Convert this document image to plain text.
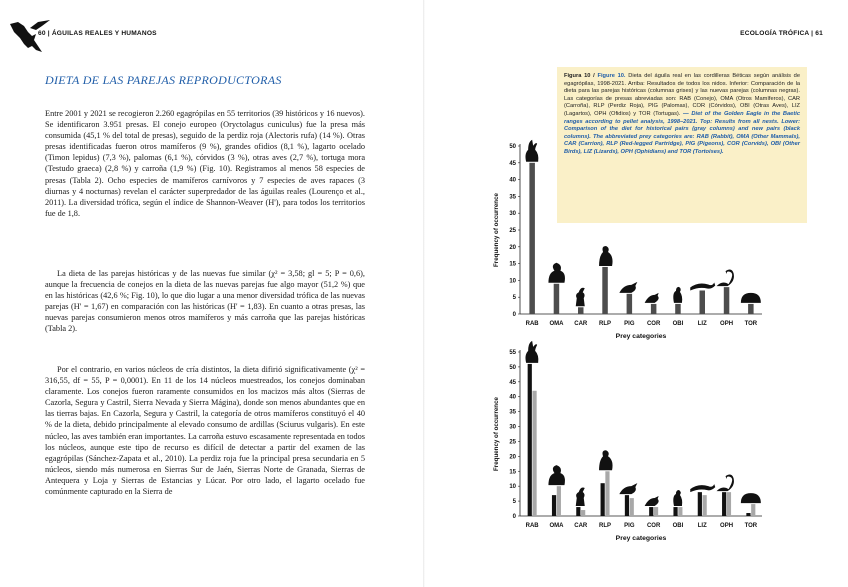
60 | ÁGUILAS REALES Y HUMANOS
DIETA DE LAS PAREJAS REPRODUCTORAS

Entre 2001 y 2021 se recogieron 2.260 egagrópilas en 55 territorios (39 históricos y 16 nuevos). Se identificaron 3.951 presas. El conejo europeo (Oryctolagus cuniculus) fue la presa más consumida (45,1 % del total de presas), seguido de la perdiz roja (Alectoris rufa) (14 %). Otras presas identificadas fueron otros mamíferos (9 %), grandes ofidios (8,1 %), lagarto ocelado (Timon lepidus) (7,3 %), palomas (6,1 %), córvidos (3 %), otras aves (2,7 %), tortuga mora (Testudo graeca) (2,8 %) y carroña (1,9 %) (Fig. 10). Registramos al menos 58 especies de presas (Tabla 2). Ocho especies de mamíferos carnívoros y 7 especies de aves rapaces (3 diurnas y 4 nocturnas) revelan el carácter superpredador de las águilas reales (Lourenço et al., 2011). La diversidad trófica, según el índice de Shannon-Weaver (H'), para todos los territorios fue de 1,8.

La dieta de las parejas históricas y de las nuevas fue similar (χ² = 3,58; gl = 5; P = 0,6), aunque la frecuencia de conejos en la dieta de las nuevas parejas fue algo mayor (51,2 %) que en las históricas (42,6 %; Fig. 10), lo que dio lugar a una menor diversidad trófica de las nuevas parejas (H' = 1,67) en comparación con las históricas (H' = 1,83). En cuanto a otras presas, las nuevas parejas consumieron menos otros mamíferos y más carroña que las parejas históricas (Tabla 2).

Por el contrario, en varios núcleos de cría distintos, la dieta difirió significativamente (χ² = 316,55, df = 55, P = 0,0001). En 11 de los 14 núcleos muestreados, los conejos dominaban claramente. Los conejos fueron raramente consumidos en los macizos más altos (Sierras de Cazorla, Segura y Castril, Sierra Nevada y Sierra Mágina), donde son menos abundantes que en las tierras bajas. En Cazorla, Segura y Castril, la categoría de otros mamíferos constituyó el 40 % de la dieta, debido principalmente al elevado consumo de ardillas (Sciurus vulgaris). En este núcleo, las aves también eran importantes. La carroña estuvo escasamente representada en todos los núcleos, aunque este tipo de recurso es difícil de detectar a partir del examen de las egagrópilas (Sánchez-Zapata et al., 2010). La perdiz roja fue la principal presa secundaria en 5 núcleos, siendo más numerosa en Sierras Sur de Jaén, Sierras Norte de Granada, Sierras de Antequera y Loja y Sierras de Estancias y Lúcar. Por otro lado, el lagarto ocelado fue comúnmente capturado en la Sierra de

ECOLOGÍA TRÓFICA | 61
Figura 10 / Figure 10. Dieta del águila real en las cordilleras Béticas según análisis de egagrópilas, 1998-2021. Arriba: Resultados de todos los nidos. Inferior: Comparación de la dieta para las parejas históricas (columnas grises) y las nuevas parejas (columnas negras). Las categorías de presas abreviadas son: RAB (Conejo), OMA (Otros Mamíferos), CAR (Carroña), RLP (Perdiz Roja), PIG (Palomas), COR (Córvidos), OBI (Otras Aves), LIZ (Lagartos), OPH (Ofidios) y TOR (Tortugas). — Diet of the Golden Eagle in the Baetic ranges according to pellet analysis, 1998–2021. Top: Results from all nests. Lower: Comparison of the diet for historical pairs (gray columns) and new pairs (black columns). The abbreviated prey categories are: RAB (Rabbit), OMA (Other Mammals), CAR (Carrion), RLP (Red-legged Partridge), PIG (Pigeons), COR (Corvids), OBI (Other Birds), LIZ (Lizards), OPH (Ophidians) and TOR (Tortoises).
0
5
10
15
20
25
30
35
40
45
50
Frequency of occurrence
Prey categories
RAB OMA CAR RLP PIG COR OBI LIZ OPH TOR
0
5
10
15
20
25
30
35
40
45
50
55
Frequency of occurrence
Prey categories
RAB OMA CAR RLP PIG COR OBI LIZ OPH TOR
